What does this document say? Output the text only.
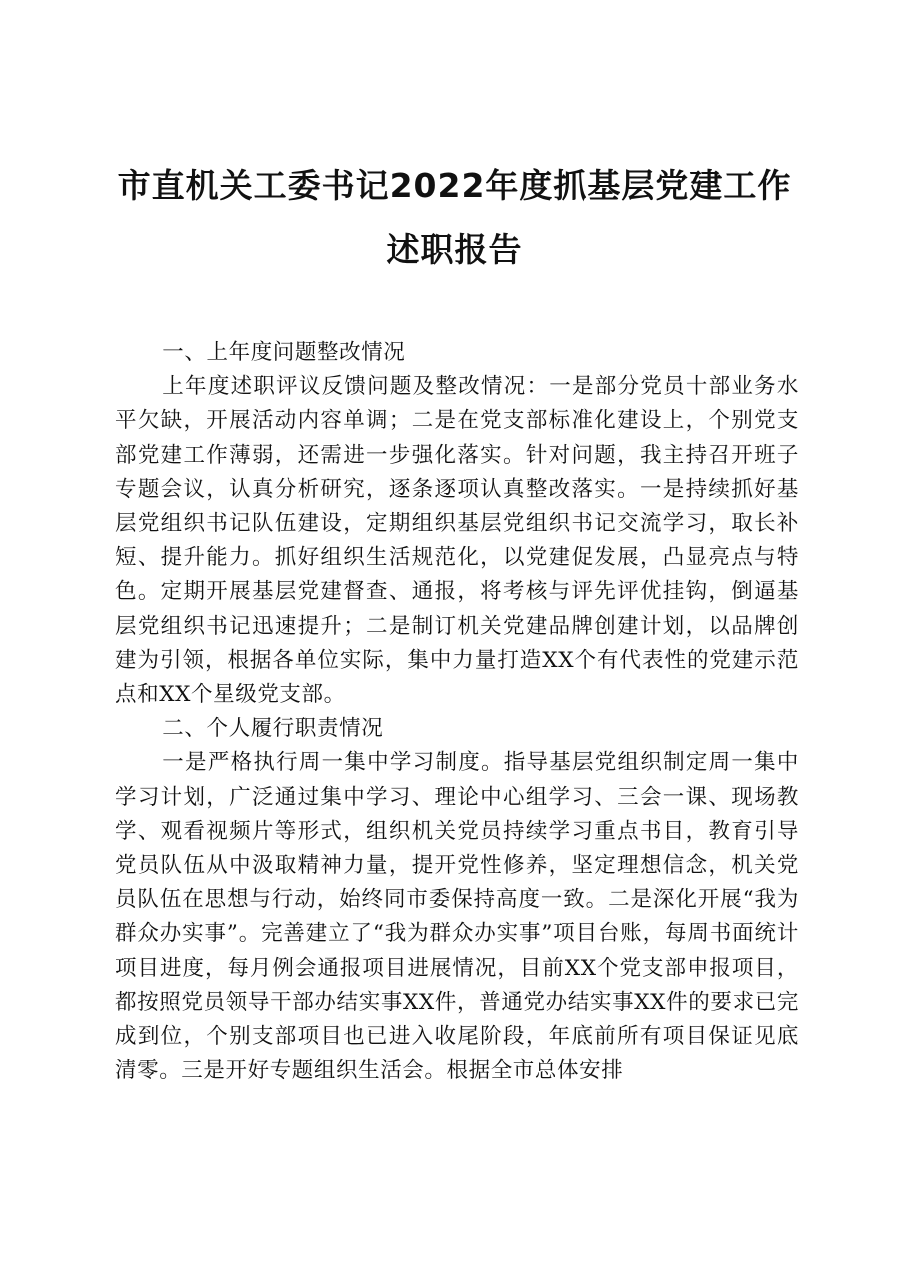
市直机关工委书记2022年度抓基层党建工作
述职报告

一、上年度问题整改情况

上年度述职评议反馈问题及整改情况：一是部分党员十部业务水平欠缺，开展活动内容单调；二是在党支部标准化建设上，个别党支部党建工作薄弱，还需进一步强化落实。针对问题，我主持召开班子专题会议，认真分析研究，逐条逐项认真整改落实。一是持续抓好基层党组织书记队伍建设，定期组织基层党组织书记交流学习，取长补短、提升能力。抓好组织生活规范化，以党建促发展，凸显亮点与特色。定期开展基层党建督查、通报，将考核与评先评优挂钩，倒逼基层党组织书记迅速提升；二是制订机关党建品牌创建计划，以品牌创建为引领，根据各单位实际，集中力量打造XX个有代表性的党建示范点和XX个星级党支部。

二、个人履行职责情况

一是严格执行周一集中学习制度。指导基层党组织制定周一集中学习计划，广泛通过集中学习、理论中心组学习、三会一课、现场教学、观看视频片等形式，组织机关党员持续学习重点书目，教育引导党员队伍从中汲取精神力量，提开党性修养，坚定理想信念，机关党员队伍在思想与行动，始终同市委保持高度一致。二是深化开展“我为群众办实事”。完善建立了“我为群众办实事”项目台账，每周书面统计项目进度，每月例会通报项目进展情况，目前XX个党支部申报项目，都按照党员领导干部办结实事XX件，普通党办结实事XX件的要求已完成到位，个别支部项目也已进入收尾阶段，年底前所有项目保证见底清零。三是开好专题组织生活会。根据全市总体安排
